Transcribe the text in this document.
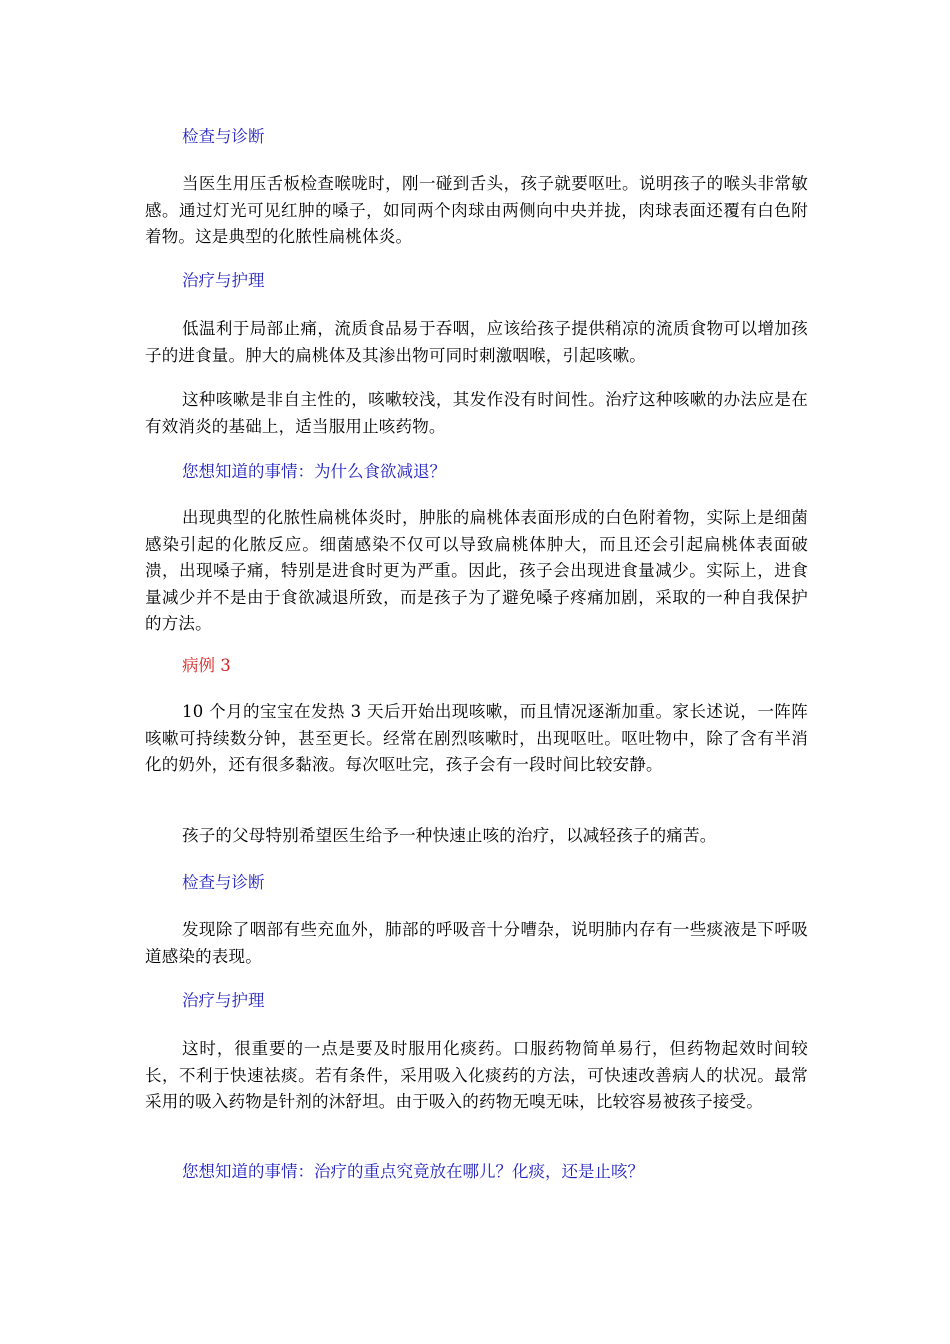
检查与诊断
当医生用压舌板检查喉咙时，刚一碰到舌头，孩子就要呕吐。说明孩子的喉头非常敏感。通过灯光可见红肿的嗓子，如同两个肉球由两侧向中央并拢，肉球表面还覆有白色附着物。这是典型的化脓性扁桃体炎。
治疗与护理
低温利于局部止痛，流质食品易于吞咽，应该给孩子提供稍凉的流质食物可以增加孩子的进食量。肿大的扁桃体及其渗出物可同时刺激咽喉，引起咳嗽。
这种咳嗽是非自主性的，咳嗽较浅，其发作没有时间性。治疗这种咳嗽的办法应是在有效消炎的基础上，适当服用止咳药物。
您想知道的事情：为什么食欲减退？
出现典型的化脓性扁桃体炎时，肿胀的扁桃体表面形成的白色附着物，实际上是细菌感染引起的化脓反应。细菌感染不仅可以导致扁桃体肿大，而且还会引起扁桃体表面破溃，出现嗓子痛，特别是进食时更为严重。因此，孩子会出现进食量减少。实际上，进食量减少并不是由于食欲减退所致，而是孩子为了避免嗓子疼痛加剧，采取的一种自我保护的方法。
病例 3
10 个月的宝宝在发热 3 天后开始出现咳嗽，而且情况逐渐加重。家长述说，一阵阵咳嗽可持续数分钟，甚至更长。经常在剧烈咳嗽时，出现呕吐。呕吐物中，除了含有半消化的奶外，还有很多黏液。每次呕吐完，孩子会有一段时间比较安静。
孩子的父母特别希望医生给予一种快速止咳的治疗，以减轻孩子的痛苦。
检查与诊断
发现除了咽部有些充血外，肺部的呼吸音十分嘈杂，说明肺内存有一些痰液是下呼吸道感染的表现。
治疗与护理
这时，很重要的一点是要及时服用化痰药。口服药物简单易行，但药物起效时间较长，不利于快速祛痰。若有条件，采用吸入化痰药的方法，可快速改善病人的状况。最常采用的吸入药物是针剂的沐舒坦。由于吸入的药物无嗅无味，比较容易被孩子接受。
您想知道的事情：治疗的重点究竟放在哪儿？化痰，还是止咳？
